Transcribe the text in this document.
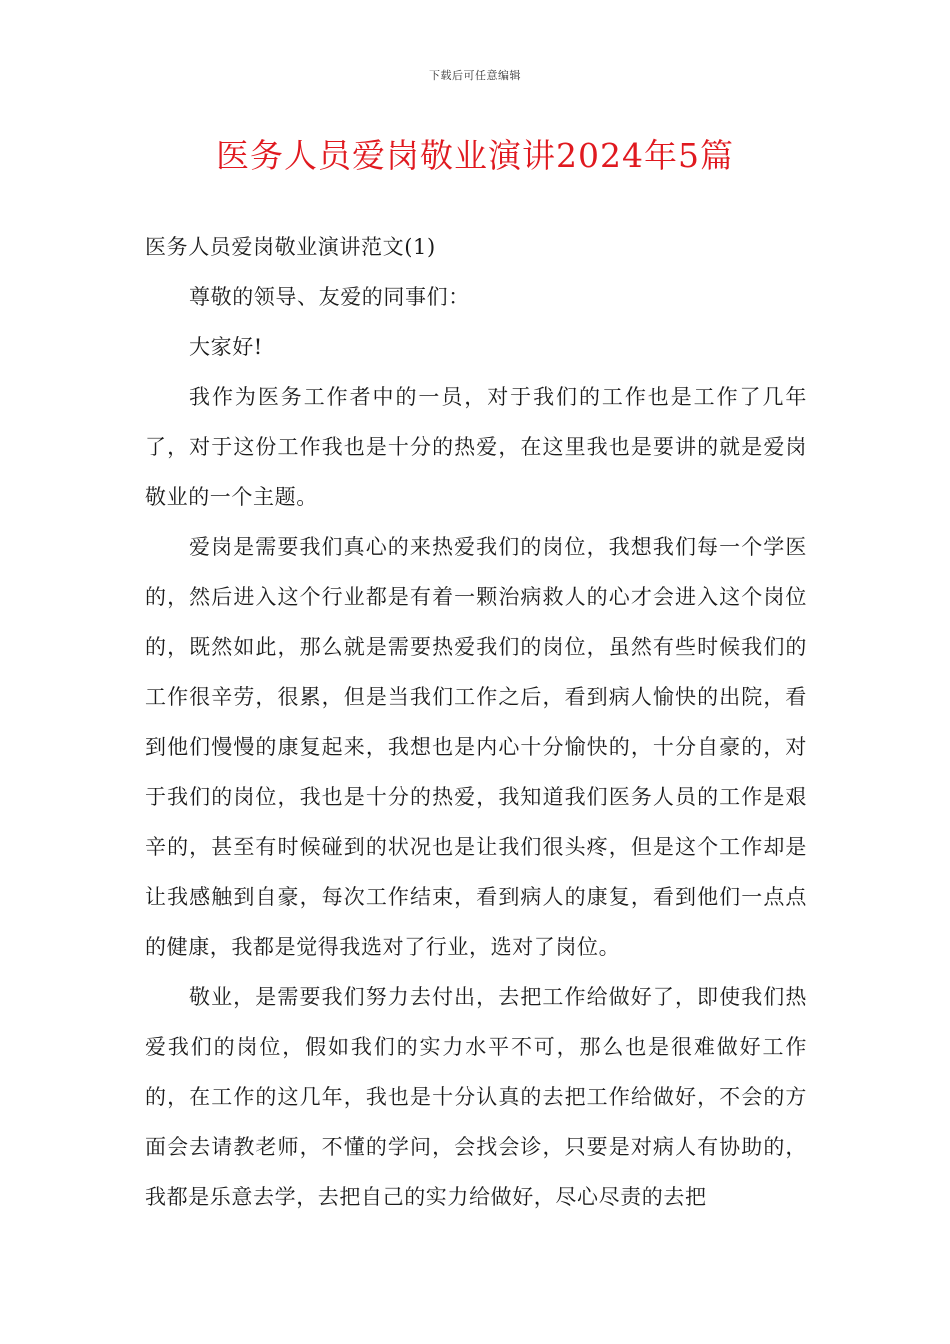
下载后可任意编辑
医务人员爱岗敬业演讲2024年5篇

医务人员爱岗敬业演讲范文(1)

尊敬的领导、友爱的同事们：

大家好!

我作为医务工作者中的一员，对于我们的工作也是工作了几年了，对于这份工作我也是十分的热爱，在这里我也是要讲的就是爱岗敬业的一个主题。

爱岗是需要我们真心的来热爱我们的岗位，我想我们每一个学医的，然后进入这个行业都是有着一颗治病救人的心才会进入这个岗位的，既然如此，那么就是需要热爱我们的岗位，虽然有些时候我们的工作很辛劳，很累，但是当我们工作之后，看到病人愉快的出院，看到他们慢慢的康复起来，我想也是内心十分愉快的，十分自豪的，对于我们的岗位，我也是十分的热爱，我知道我们医务人员的工作是艰辛的，甚至有时候碰到的状况也是让我们很头疼，但是这个工作却是让我感触到自豪，每次工作结束，看到病人的康复，看到他们一点点的健康，我都是觉得我选对了行业，选对了岗位。

敬业，是需要我们努力去付出，去把工作给做好了，即使我们热爱我们的岗位，假如我们的实力水平不可，那么也是很难做好工作的，在工作的这几年，我也是十分认真的去把工作给做好，不会的方面会去请教老师，不懂的学问，会找会诊，只要是对病人有协助的，我都是乐意去学，去把自己的实力给做好，尽心尽责的去把
